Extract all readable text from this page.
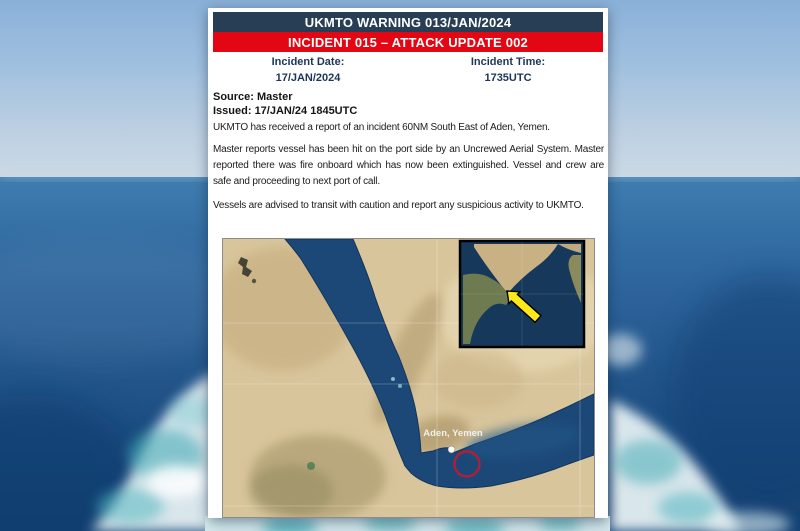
UKMTO WARNING 013/JAN/2024
INCIDENT 015 – ATTACK UPDATE 002
Incident Date:
17/JAN/2024
Incident Time:
1735UTC
Source: Master
Issued: 17/JAN/24 1845UTC
UKMTO has received a report of an incident 60NM South East of Aden, Yemen.
Master reports vessel has been hit on the port side by an Uncrewed Aerial System. Master reported there was fire onboard which has now been extinguished. Vessel and crew are safe and proceeding to next port of call.
Vessels are advised to transit with caution and report any suspicious activity to UKMTO.
Aden, Yemen
